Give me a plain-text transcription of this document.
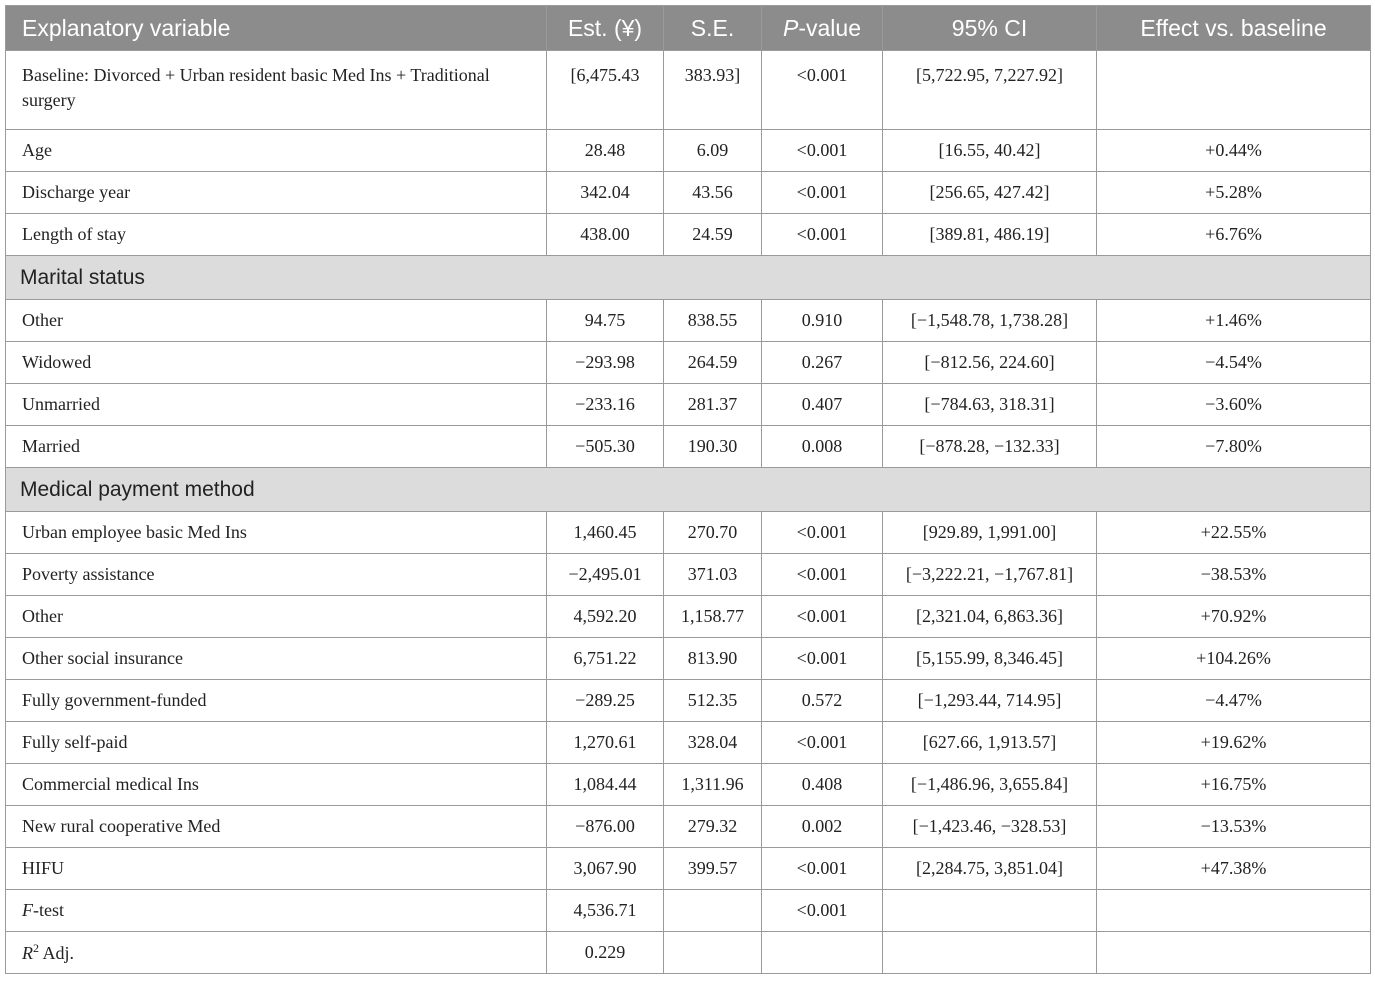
Explanatory variable	Est. (¥)	S.E.	P-value	95% CI	Effect vs. baseline
Baseline: Divorced + Urban resident basic Med Ins + Traditional surgery	[6,475.43	383.93]	<0.001	[5,722.95, 7,227.92]	
Age	28.48	6.09	<0.001	[16.55, 40.42]	+0.44%
Discharge year	342.04	43.56	<0.001	[256.65, 427.42]	+5.28%
Length of stay	438.00	24.59	<0.001	[389.81, 486.19]	+6.76%
Marital status					
Other	94.75	838.55	0.910	[−1,548.78, 1,738.28]	+1.46%
Widowed	−293.98	264.59	0.267	[−812.56, 224.60]	−4.54%
Unmarried	−233.16	281.37	0.407	[−784.63, 318.31]	−3.60%
Married	−505.30	190.30	0.008	[−878.28, −132.33]	−7.80%
Medical payment method					
Urban employee basic Med Ins	1,460.45	270.70	<0.001	[929.89, 1,991.00]	+22.55%
Poverty assistance	−2,495.01	371.03	<0.001	[−3,222.21, −1,767.81]	−38.53%
Other	4,592.20	1,158.77	<0.001	[2,321.04, 6,863.36]	+70.92%
Other social insurance	6,751.22	813.90	<0.001	[5,155.99, 8,346.45]	+104.26%
Fully government-funded	−289.25	512.35	0.572	[−1,293.44, 714.95]	−4.47%
Fully self-paid	1,270.61	328.04	<0.001	[627.66, 1,913.57]	+19.62%
Commercial medical Ins	1,084.44	1,311.96	0.408	[−1,486.96, 3,655.84]	+16.75%
New rural cooperative Med	−876.00	279.32	0.002	[−1,423.46, −328.53]	−13.53%
HIFU	3,067.90	399.57	<0.001	[2,284.75, 3,851.04]	+47.38%
F-test	4,536.71		<0.001		
$R^2$ Adj.	0.229				
